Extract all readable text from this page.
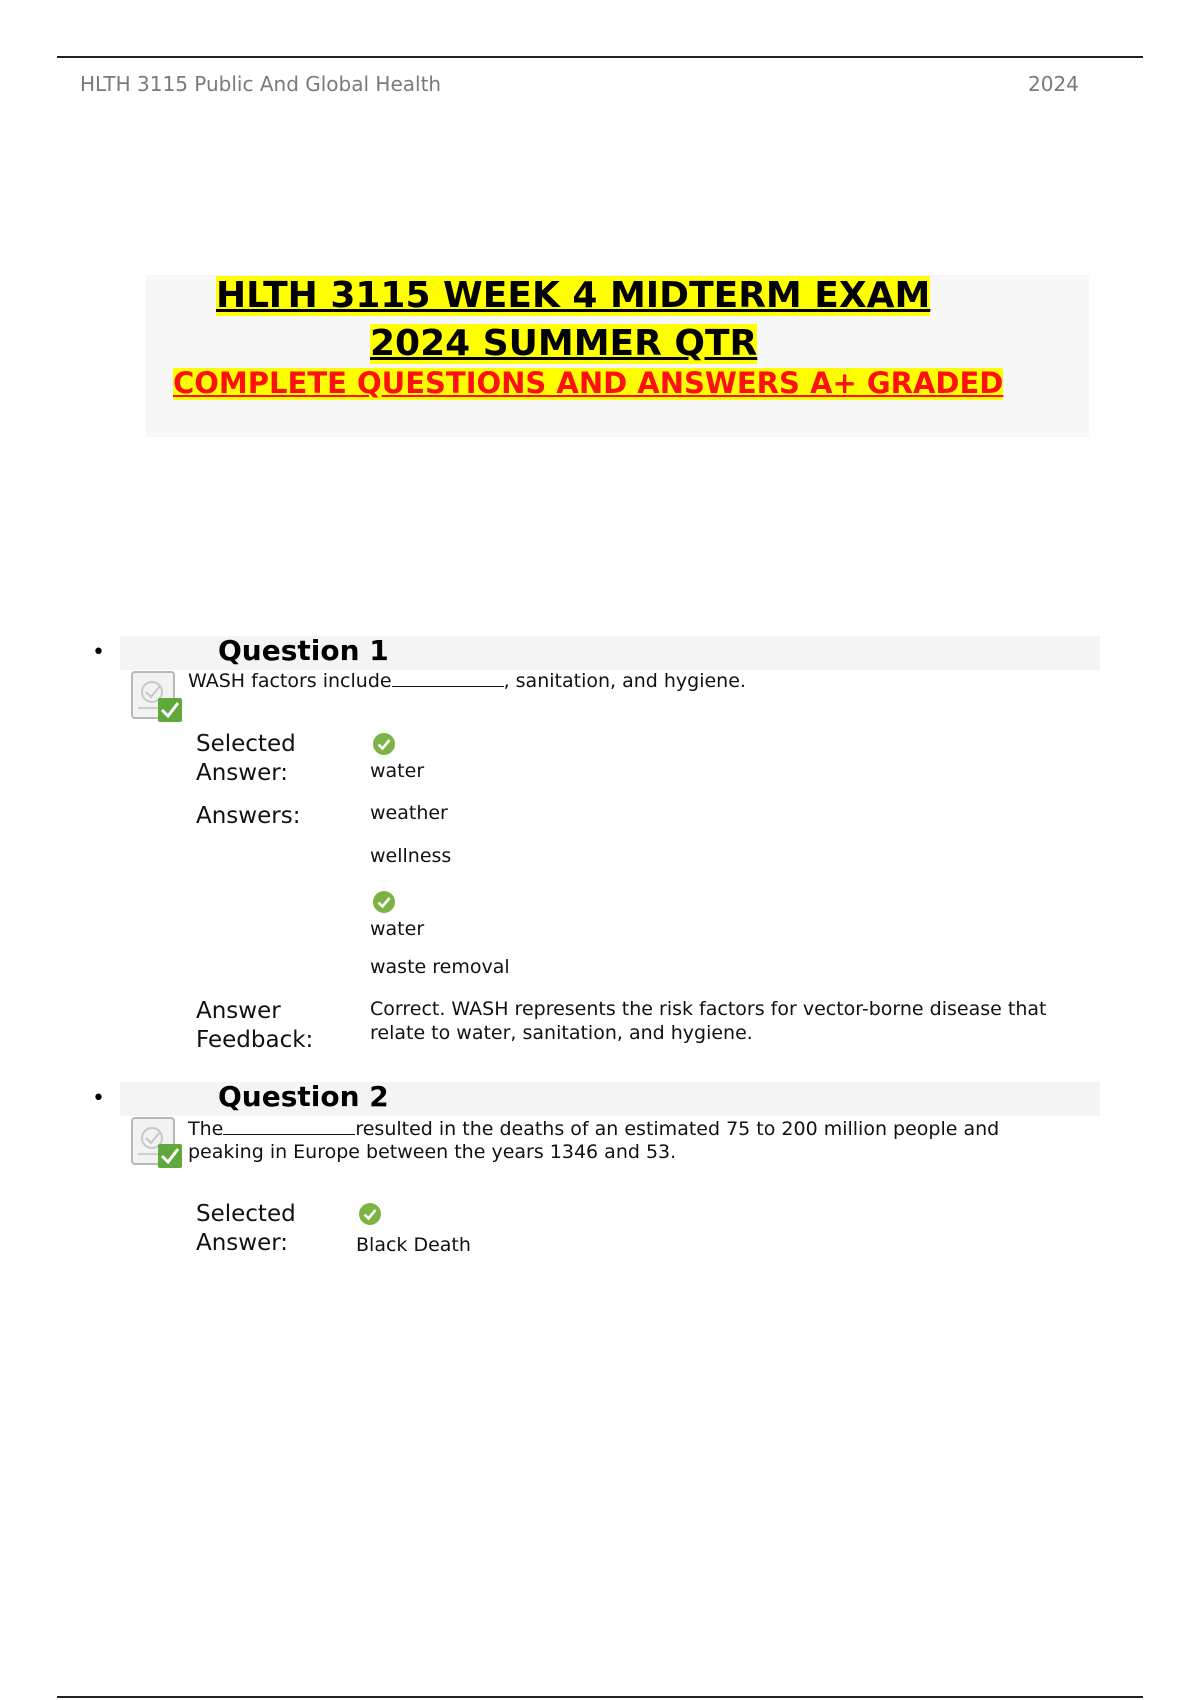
HLTH 3115 Public And Global Health	2024
HLTH 3115 WEEK 4 MIDTERM EXAM
2024 SUMMER QTR
COMPLETE QUESTIONS AND ANSWERS A+ GRADED
•	Question 1
WASH factors include	, sanitation, and hygiene.
Selected Answer:	water
Answers:	weather
wellness
water
waste removal
Answer Feedback:
Correct. WASH represents the risk factors for vector-borne disease that relate to water, sanitation, and hygiene.
•	Question 2
The	resulted in the deaths of an estimated 75 to 200 million people and peaking in Europe between the years 1346 and 53.
Selected Answer:	Black Death
